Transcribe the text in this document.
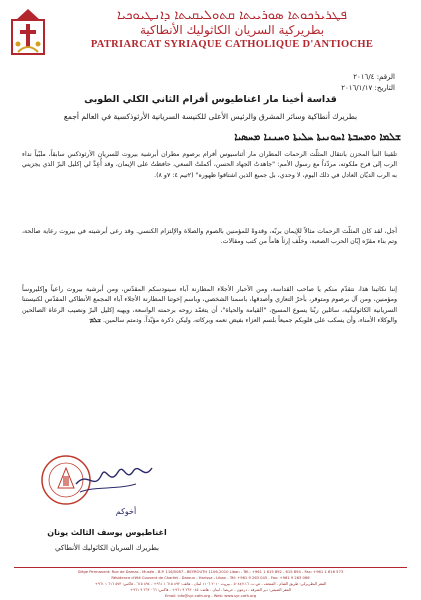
ܦܛܪܝܪܟܘܬܐ ܣܘܪܝܝܬܐ ܩܬܘܠܝܩܝܬܐ ܕܐܢܛܝܘܟܝܐ
بطريركية السريان الكاثوليك الأنطاكية
PATRIARCAT SYRIAQUE CATHOLIQUE D'ANTIOCHE
الرقم: ٢٠١٦/٤
التاريخ: ٢٠١٦/١/١٧
قداسة أخينا مار اغناطيوس أفرام الثاني الكلي الطوبى
بطريرك أنطاكية وسائر المشرق والرئيس الأعلى للكنيسة السريانية الأرثوذكسية في العالم أجمع
ܫܠܡܐ ܘܡܚܒܬܐ ܐܚܘܢܝܬܐ ܚܠܝܬܐ ܘܚܢܢܐ ܡܚܣܝܐ
تلقينا النبأ المحزن بانتقال المثلّث الرحمات المطران مار أثناسيوس أفرام برصوم مطران أبرشية بيروت للسريان الأرثوذكس سابقاً، ملبّياً نداء الرب إلى فرح ملكوته، مردّداً مع رسول الأمم: "جاهدتُ الجهاد الحسن، أكملتُ السعي، حافظتُ على الإيمان، وقد أُعِدَّ لي إكليل البرّ الذي يجزيني به الرب الديّان العادل في ذلك اليوم، لا وحدي، بل جميع الذين اشتاقوا ظهوره" (٢تيم ٤: ٧و ٨).
أجل، لقد كان المثلّث الرحمات مثالاً للإيمان بربّه، وقدوةً للمؤمنين بالصوم والصلاة والإلتزام الكنسي. وقد رعى أبرشيته في بيروت رعاية صالحة، وتم بناء مقرّه إبّان الحرب الصعبة، وخلّف إرثاً هاماً من كتب ومقالات.
إننا نكاتبنا هذا، نتقدّم منكم يا صاحب القداسة، ومن الأحبار الأجلاء المطارنة آباء سينودسكم المقدّس، ومن أبرشية بيروت راعياً وإكليروساً ومؤمنين، ومن آل برصوم ومتوفر، بأحرّ التعازي وأصدقها، باسمنا الشخصي، وباسم إخوتنا المطارنة الأجلاء آباء المجمع الأنطاكي المقدّس لكنيستنا السريانية الكاثوليكية، سائلين ربّنا يسوع المسيح، "القيامة والحياة"، أن يتغمّد روحه برحمته الواسعة، ويهبه إكليل البرّ ونصيب الرعاة الصالحين والوكلاء الأمناء، وأن يسكب على قلوبكم جميعاً بلسم العزاء بفيض نعمه وبركاته، وليكن ذكره مؤبّداً. ودمتم سالمين. ܫܠܡ
أخوكم
اغناطيوس يوسف الثالث يونان
بطريرك السريان الكاثوليك الأنطاكي
Siège Permanent: Rue de Damas - Musée - B.P. 116/5087 - BEYROUTH 1106-2010 Liban - Tél.: +961 1 615 892 - 615 894 - Fax: +961 1 616 573
Résidence d'été Couvent de Charfet - Daroun - Harissa - Liban - Tél: +961 9 263 045 - Fax: +961 9 263 066
المقر البطريركي: طريق الشام - المتحف - ص.ب. ٥٠٨٧/١١٦ - بيروت ٢٠١٠ ١١٠٦ لبنان - هاتف: ٨٩٢ ٦١٥ ١ ٩٦١+ - ٨٩٤ ٦١٥ - فاكس: ٥٧٣ ٦١٦ ١ ٩٦١+
المقر الصيفي: دير الشرفة - درعون - حريصا - لبنان - هاتف: ٠٤٥ ٢٦٣ ٩ ٩٦١+ - فاكس: ٠٦٦ ٢٦٣ ٩ ٩٦١+
Email: info@syr-cath.org - Web: www.syr-cath.org
